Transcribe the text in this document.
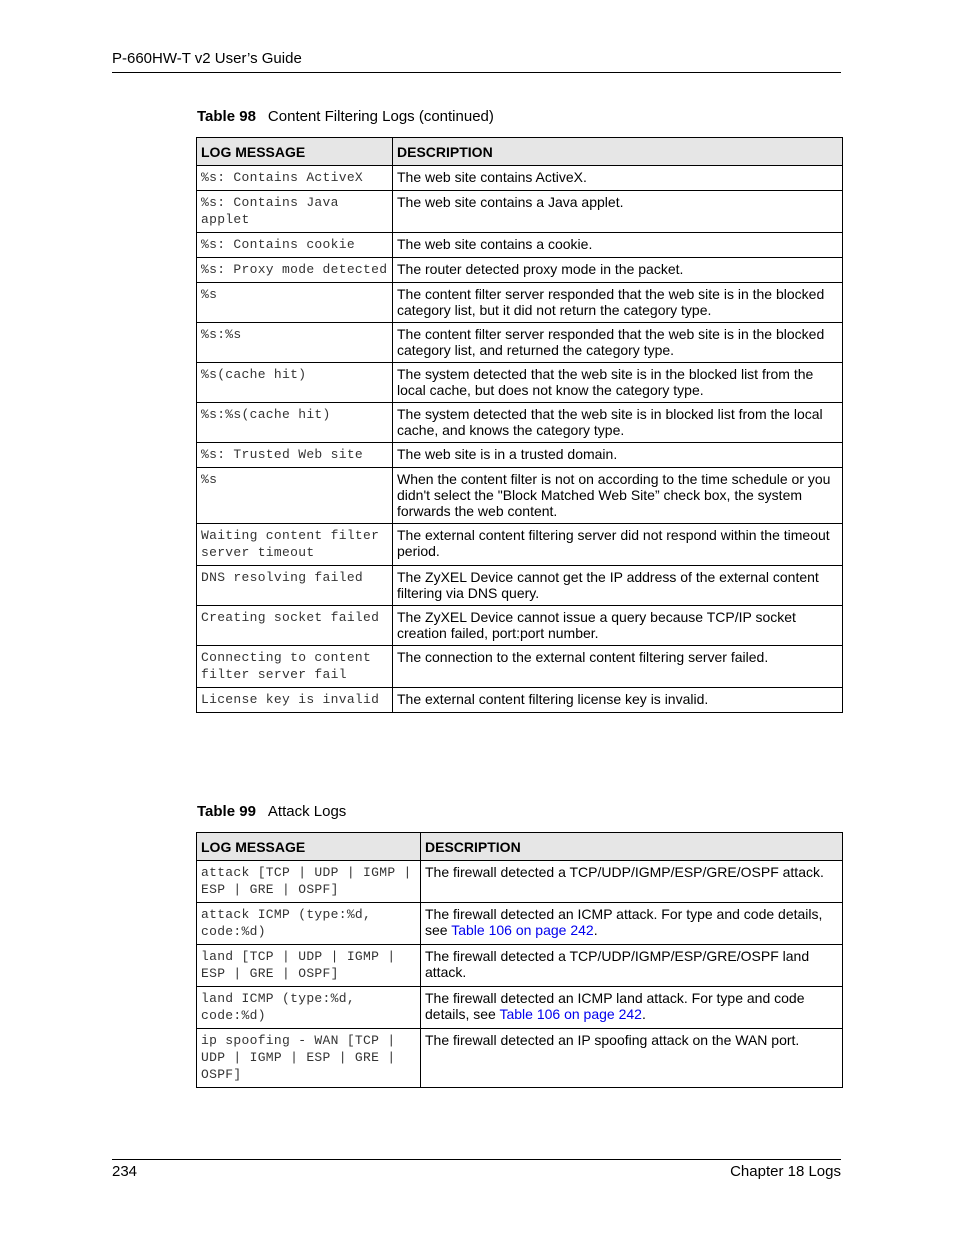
P-660HW-T v2 User’s Guide
Table 98 Content Filtering Logs (continued)
LOG MESSAGE	DESCRIPTION
%s: Contains ActiveX	The web site contains ActiveX.
%s: Contains Java applet	The web site contains a Java applet.
%s: Contains cookie	The web site contains a cookie.
%s: Proxy mode detected	The router detected proxy mode in the packet.
%s	The content filter server responded that the web site is in the blocked category list, but it did not return the category type.
%s:%s	The content filter server responded that the web site is in the blocked category list, and returned the category type.
%s(cache hit)	The system detected that the web site is in the blocked list from the local cache, but does not know the category type.
%s:%s(cache hit)	The system detected that the web site is in blocked list from the local cache, and knows the category type.
%s: Trusted Web site	The web site is in a trusted domain.
%s	When the content filter is not on according to the time schedule or you didn't select the "Block Matched Web Site” check box, the system forwards the web content.
Waiting content filter server timeout	The external content filtering server did not respond within the timeout period.
DNS resolving failed	The ZyXEL Device cannot get the IP address of the external content filtering via DNS query.
Creating socket failed	The ZyXEL Device cannot issue a query because TCP/IP socket creation failed, port:port number.
Connecting to content filter server fail	The connection to the external content filtering server failed.
License key is invalid	The external content filtering license key is invalid.
Table 99 Attack Logs
LOG MESSAGE	DESCRIPTION
attack [TCP | UDP | IGMP | ESP | GRE | OSPF]	The firewall detected a TCP/UDP/IGMP/ESP/GRE/OSPF attack.
attack ICMP (type:%d, code:%d)	The firewall detected an ICMP attack. For type and code details, see Table 106 on page 242.
land [TCP | UDP | IGMP | ESP | GRE | OSPF]	The firewall detected a TCP/UDP/IGMP/ESP/GRE/OSPF land attack.
land ICMP (type:%d, code:%d)	The firewall detected an ICMP land attack. For type and code details, see Table 106 on page 242.
ip spoofing - WAN [TCP | UDP | IGMP | ESP | GRE | OSPF]	The firewall detected an IP spoofing attack on the WAN port.
234	Chapter 18 Logs
